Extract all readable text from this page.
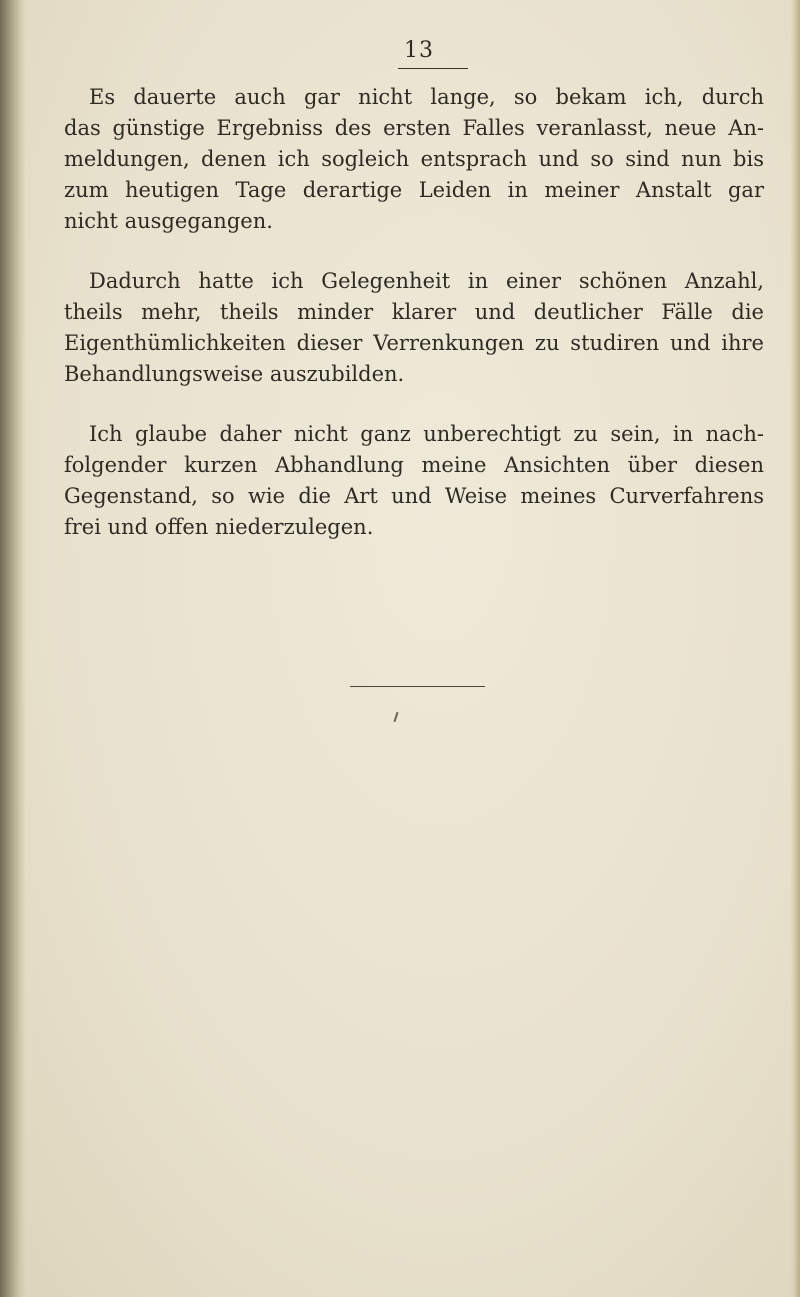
13

Es dauerte auch gar nicht lange, so bekam ich, durch
das günstige Ergebniss des ersten Falles veranlasst, neue An-
meldungen, denen ich sogleich entsprach und so sind nun bis
zum heutigen Tage derartige Leiden in meiner Anstalt gar
nicht ausgegangen.

Dadurch hatte ich Gelegenheit in einer schönen Anzahl,
theils mehr, theils minder klarer und deutlicher Fälle die
Eigenthümlichkeiten dieser Verrenkungen zu studiren und ihre
Behandlungsweise auszubilden.

Ich glaube daher nicht ganz unberechtigt zu sein, in nach-
folgender kurzen Abhandlung meine Ansichten über diesen
Gegenstand, so wie die Art und Weise meines Curverfahrens
frei und offen niederzulegen.
